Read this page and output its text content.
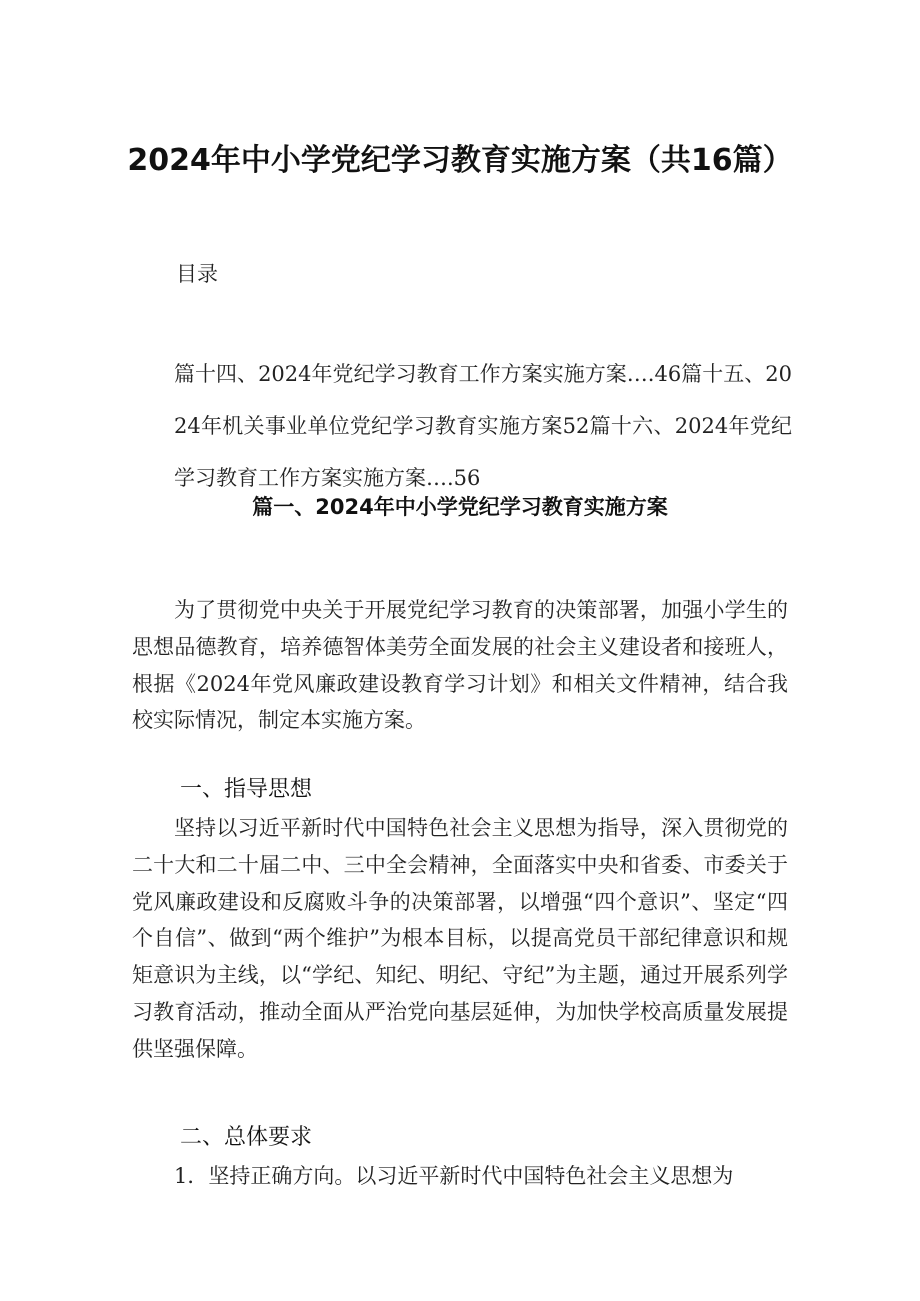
2024年中小学党纪学习教育实施方案（共16篇）
目录
篇十四、2024年党纪学习教育工作方案实施方案….46篇十五、2024年机关事业单位党纪学习教育实施方案52篇十六、2024年党纪学习教育工作方案实施方案….56
篇一、2024年中小学党纪学习教育实施方案

为了贯彻党中央关于开展党纪学习教育的决策部署，加强小学生的思想品德教育，培养德智体美劳全面发展的社会主义建设者和接班人，根据《2024年党风廉政建设教育学习计划》和相关文件精神，结合我校实际情况，制定本实施方案。

一、指导思想

坚持以习近平新时代中国特色社会主义思想为指导，深入贯彻党的二十大和二十届二中、三中全会精神，全面落实中央和省委、市委关于党风廉政建设和反腐败斗争的决策部署，以增强“四个意识”、坚定“四个自信”、做到“两个维护”为根本目标，以提高党员干部纪律意识和规矩意识为主线，以“学纪、知纪、明纪、守纪”为主题，通过开展系列学习教育活动，推动全面从严治党向基层延伸，为加快学校高质量发展提供坚强保障。

二、总体要求

1．坚持正确方向。以习近平新时代中国特色社会主义思想为
